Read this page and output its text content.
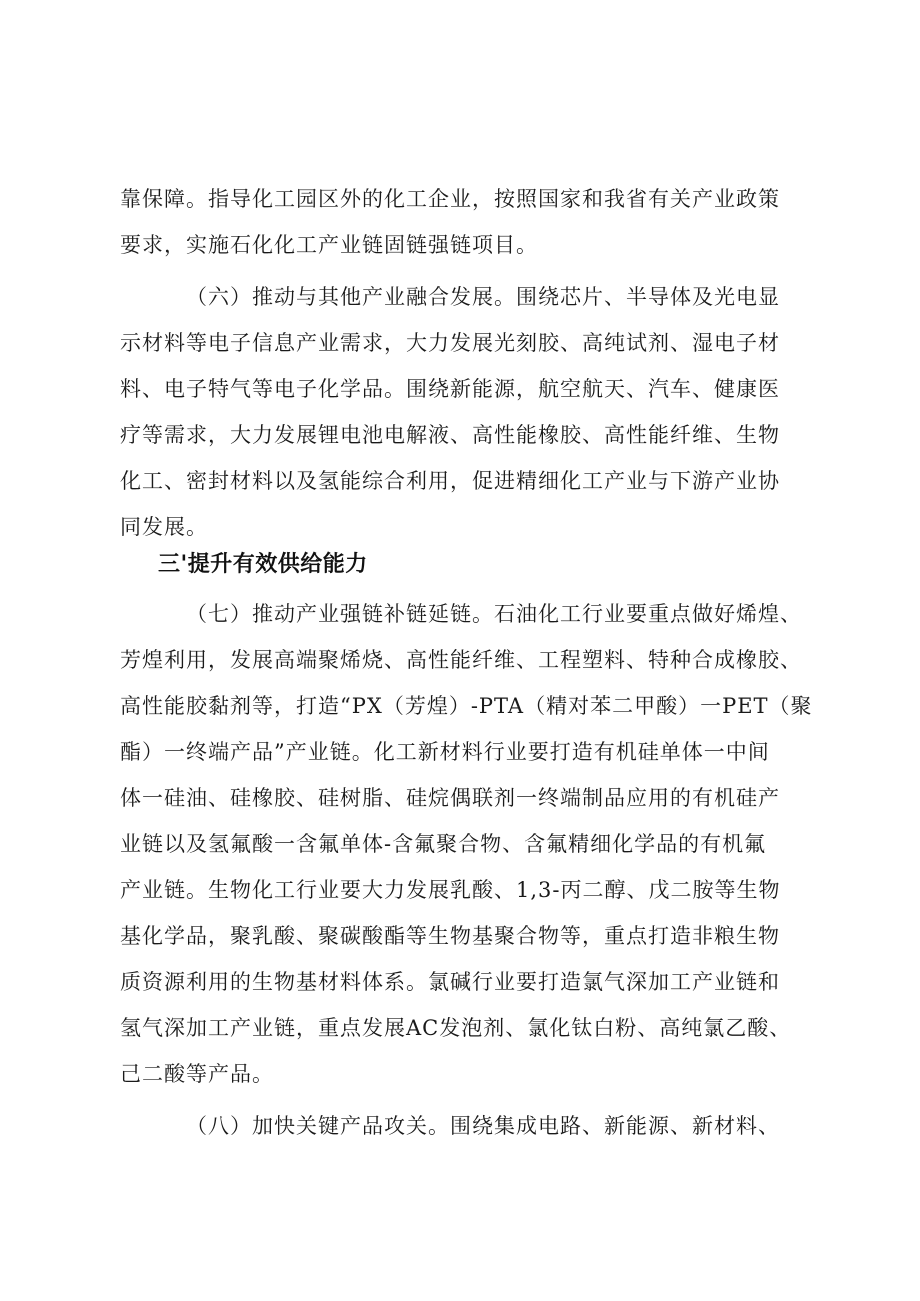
靠保障。指导化工园区外的化工企业，按照国家和我省有关产业政策

要求，实施石化化工产业链固链强链项目。

（六）推动与其他产业融合发展。围绕芯片、半导体及光电显

示材料等电子信息产业需求，大力发展光刻胶、高纯试剂、湿电子材

料、电子特气等电子化学品。围绕新能源，航空航天、汽车、健康医

疗等需求，大力发展锂电池电解液、高性能橡胶、高性能纤维、生物

化工、密封材料以及氢能综合利用，促进精细化工产业与下游产业协

同发展。

三'提升有效供给能力

（七）推动产业强链补链延链。石油化工行业要重点做好烯煌、

芳煌利用，发展高端聚烯烧、高性能纤维、工程塑料、特种合成橡胶、

高性能胶黏剂等，打造“PX（芳煌）-PTA（精对苯二甲酸）一PET（聚

酯）一终端产品”产业链。化工新材料行业要打造有机硅单体一中间

体一硅油、硅橡胶、硅树脂、硅烷偶联剂一终端制品应用的有机硅产

业链以及氢氟酸一含氟单体-含氟聚合物、含氟精细化学品的有机氟

产业链。生物化工行业要大力发展乳酸、1,3-丙二醇、戊二胺等生物

基化学品，聚乳酸、聚碳酸酯等生物基聚合物等，重点打造非粮生物

质资源利用的生物基材料体系。氯碱行业要打造氯气深加工产业链和

氢气深加工产业链，重点发展AC发泡剂、氯化钛白粉、高纯氯乙酸、

己二酸等产品。

（八）加快关键产品攻关。围绕集成电路、新能源、新材料、
